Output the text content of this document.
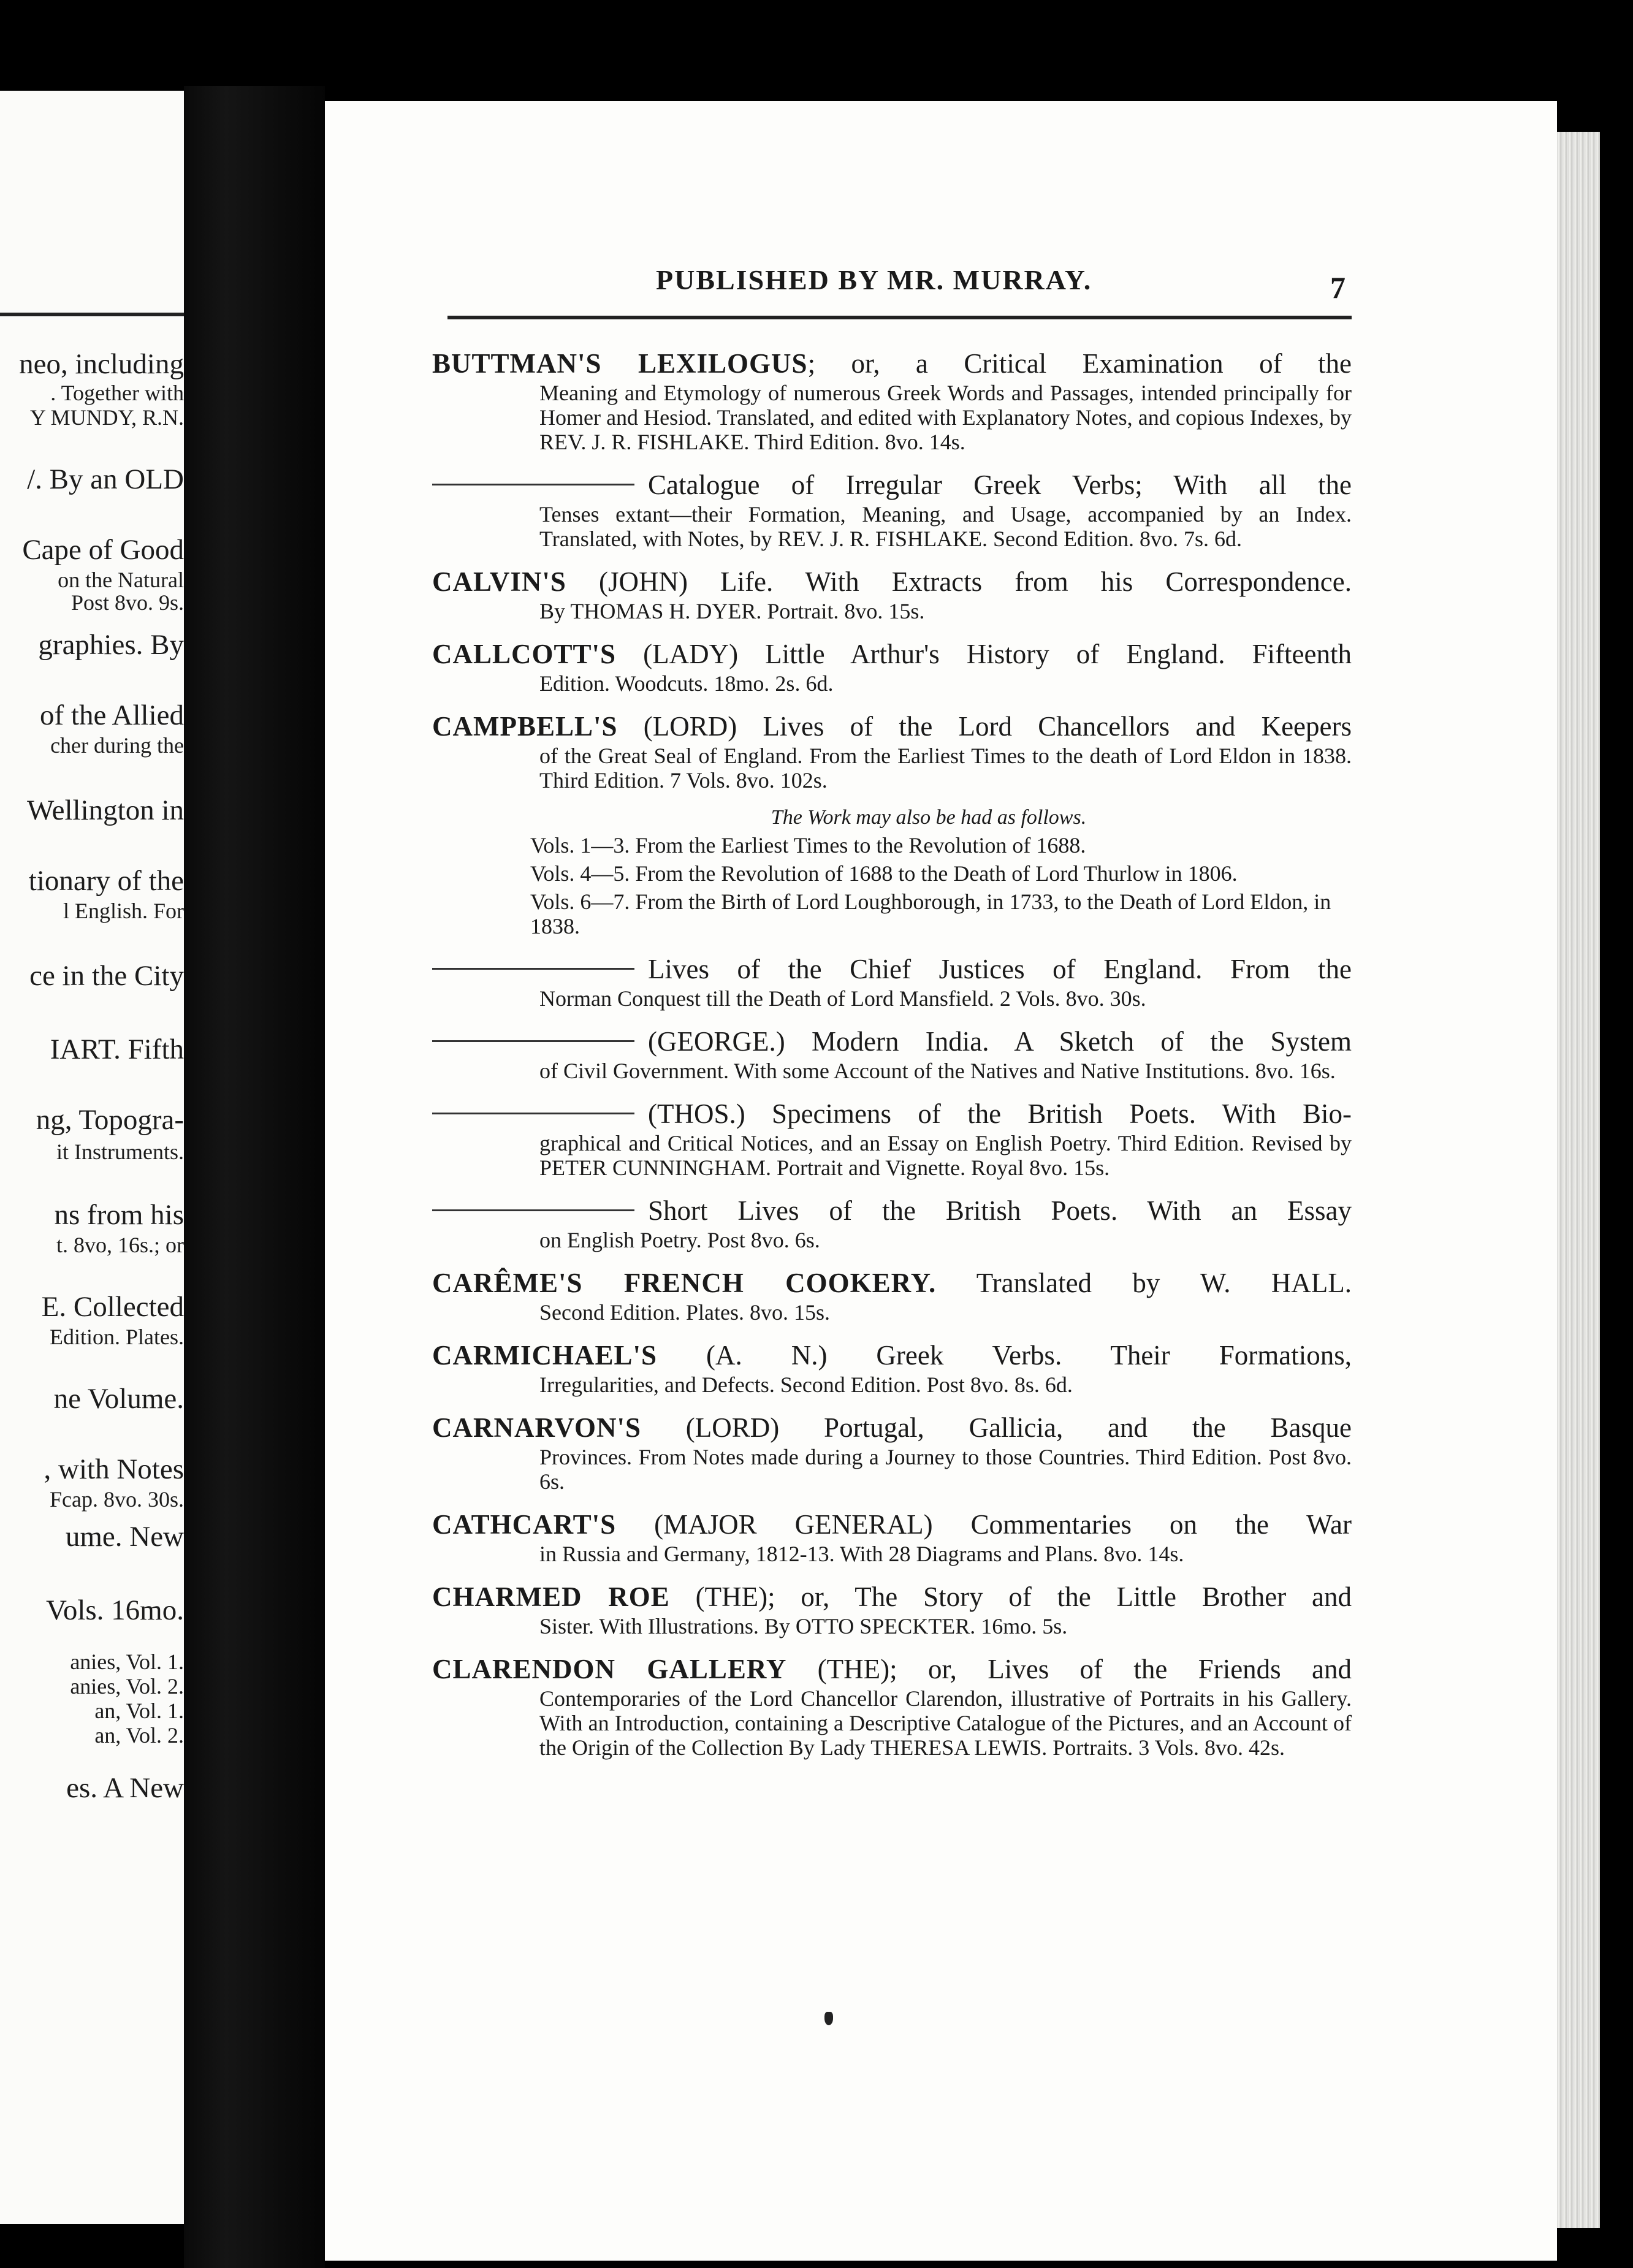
neo, including
. Together with
Y MUNDY, R.N.
/. By an OLD
Cape of Good
on the Natural
Post 8vo. 9s.
graphies. By
of the Allied
cher during the
Wellington in
tionary of the
l English. For
ce in the City
IART. Fifth
ng, Topogra-
it Instruments.
ns from his
t. 8vo, 16s.; or
E. Collected
Edition. Plates.
ne Volume.
, with Notes
Fcap. 8vo. 30s.
ume. New
Vols. 16mo.
anies, Vol. 1.
anies, Vol. 2.
an, Vol. 1.
an, Vol. 2.
es. A New
PUBLISHED BY MR. MURRAY.	7
BUTTMAN'S LEXILOGUS; or, a Critical Examination of the
Meaning and Etymology of numerous Greek Words and Passages, intended principally for Homer and Hesiod. Translated, and edited with Explanatory Notes, and copious Indexes, by REV. J. R. FISHLAKE. Third Edition. 8vo. 14s.
Catalogue of Irregular Greek Verbs; With all the
Tenses extant—their Formation, Meaning, and Usage, accompanied by an Index. Translated, with Notes, by REV. J. R. FISHLAKE. Second Edition. 8vo. 7s. 6d.
CALVIN'S (JOHN) Life. With Extracts from his Correspondence.
By THOMAS H. DYER. Portrait. 8vo. 15s.
CALLCOTT'S (LADY) Little Arthur's History of England. Fifteenth
Edition. Woodcuts. 18mo. 2s. 6d.
CAMPBELL'S (LORD) Lives of the Lord Chancellors and Keepers
of the Great Seal of England. From the Earliest Times to the death of Lord Eldon in 1838. Third Edition. 7 Vols. 8vo. 102s.
The Work may also be had as follows.
Vols. 1—3. From the Earliest Times to the Revolution of 1688.
Vols. 4—5. From the Revolution of 1688 to the Death of Lord Thurlow in 1806.
Vols. 6—7. From the Birth of Lord Loughborough, in 1733, to the Death of Lord Eldon, in 1838.
Lives of the Chief Justices of England. From the
Norman Conquest till the Death of Lord Mansfield. 2 Vols. 8vo. 30s.
(GEORGE.) Modern India. A Sketch of the System
of Civil Government. With some Account of the Natives and Native Institutions. 8vo. 16s.
(THOS.) Specimens of the British Poets. With Bio-
graphical and Critical Notices, and an Essay on English Poetry. Third Edition. Revised by PETER CUNNINGHAM. Portrait and Vignette. Royal 8vo. 15s.
Short Lives of the British Poets. With an Essay
on English Poetry. Post 8vo. 6s.
CARÊME'S FRENCH COOKERY. Translated by W. HALL.
Second Edition. Plates. 8vo. 15s.
CARMICHAEL'S (A. N.) Greek Verbs. Their Formations,
Irregularities, and Defects. Second Edition. Post 8vo. 8s. 6d.
CARNARVON'S (LORD) Portugal, Gallicia, and the Basque
Provinces. From Notes made during a Journey to those Countries. Third Edition. Post 8vo. 6s.
CATHCART'S (MAJOR GENERAL) Commentaries on the War
in Russia and Germany, 1812-13. With 28 Diagrams and Plans. 8vo. 14s.
CHARMED ROE (THE); or, The Story of the Little Brother and
Sister. With Illustrations. By OTTO SPECKTER. 16mo. 5s.
CLARENDON GALLERY (THE); or, Lives of the Friends and
Contemporaries of the Lord Chancellor Clarendon, illustrative of Portraits in his Gallery. With an Introduction, containing a Descriptive Catalogue of the Pictures, and an Account of the Origin of the Collection By Lady THERESA LEWIS. Portraits. 3 Vols. 8vo. 42s.
